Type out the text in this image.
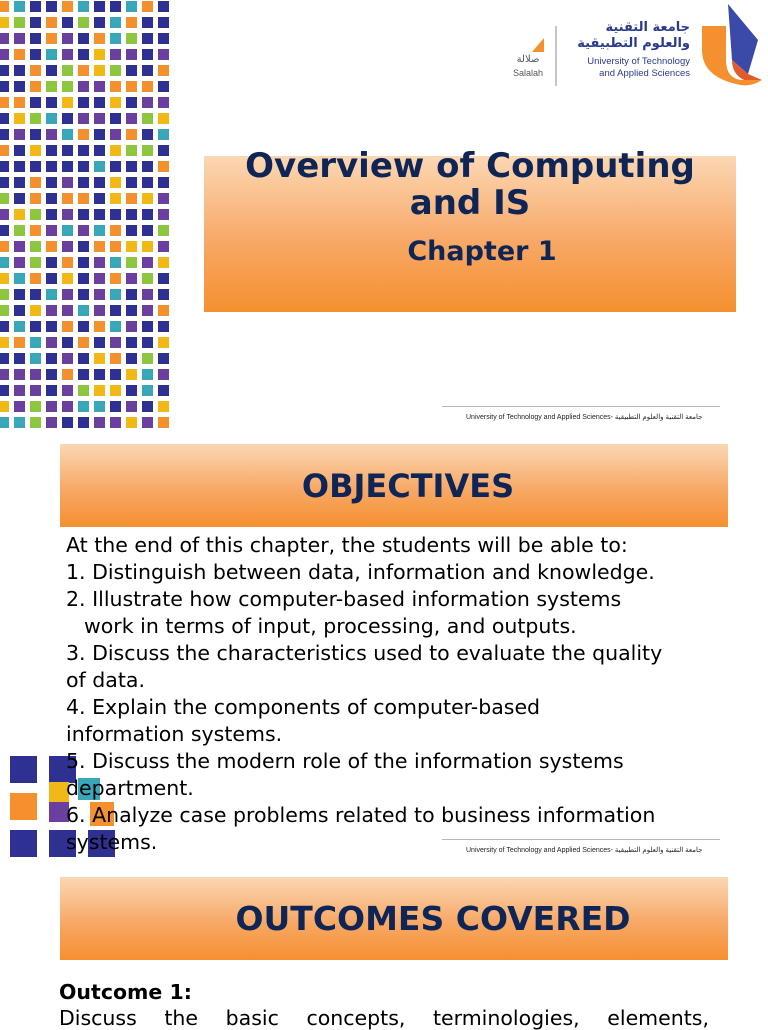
صلالة
Salalah
جامعة التقنية
والعلوم التطبيقية
University of Technology
and Applied Sciences
Overview of Computing and IS
Chapter 1
University of Technology and Applied Sciences- جامعة التقنية والعلوم التطبيقية
OBJECTIVES
At the end of this chapter, the students will be able to:
1. Distinguish between data, information and knowledge.
2. Illustrate how computer-based information systems
work in terms of input, processing, and outputs.
3. Discuss the characteristics used to evaluate the quality
of data.
4. Explain the components of computer-based
information systems.
5. Discuss the modern role of the information systems
department.
6. Analyze case problems related to business information
systems.	University of Technology and Applied Sciences- جامعة التقنية والعلوم التطبيقية
OUTCOMES COVERED
Outcome 1:
Discuss the basic concepts, terminologies, elements,
